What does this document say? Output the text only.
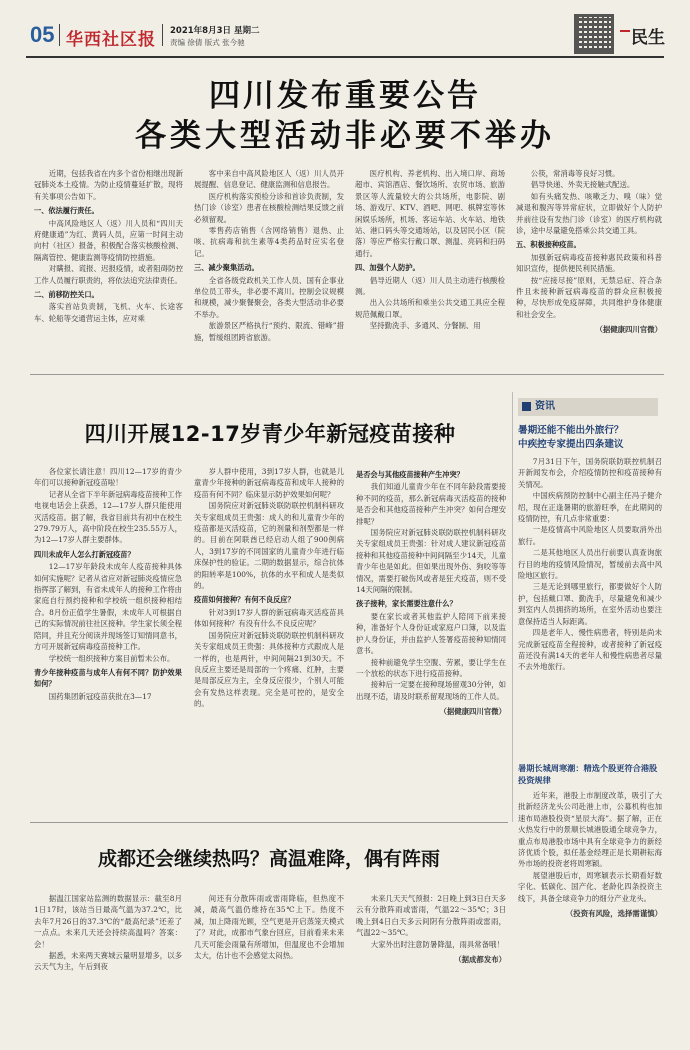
05 华西社区报 2021年8月3日 星期二
责编 徐倩 版式 张今驰	民生
四川发布重要公告
各类大型活动非必要不举办

近期，包括我省在内多个省份相继出现新冠肺炎本土疫情。为防止疫情蔓延扩散，现将有关事项公告如下。

一、依法履行责任。

中高风险地区人（返）川人员和“四川天府健康通”为红、黄码人员，应第一时间主动向村（社区）报备，积极配合落实核酸检测、隔离管控、健康监测等疫情防控措施。

对瞒报、谎报、迟报疫情，或者阻碍防控工作人员履行职责的，将依法追究法律责任。

二、前移防控关口。

落实首站负责制，飞机、火车、长途客车、轮船等交通营运主体，应对乘

客中来自中高风险地区人（返）川人员开展提醒、信息登记、健康监测和信息报告。

医疗机构落实预检分诊和首诊负责制，发热门诊（诊室）患者在核酸检测结果反馈之前必须留观。

零售药店销售（含网络销售）退热、止咳、抗病毒和抗生素等4类药品时应实名登记。

三、减少聚集活动。

全省各级党政机关工作人员、国有企事业单位员工带头，非必要不离川。控制会议规模和规模，减少聚餐聚会，各类大型活动非必要不举办。

旅游景区严格执行“预约、限流、错峰”措施，暂缓组团跨省旅游。

医疗机构、养老机构、出入境口岸、商场超市、宾馆酒店、餐饮场所、农贸市场、旅游景区等人流量较大的公共场所，电影院、剧场、游戏厅、KTV、酒吧、网吧、棋牌室等休闲娱乐场所，机场、客运车站、火车站、地铁站、港口码头等交通场站，以及居民小区（院落）等应严格实行戴口罩、测温、亮码和扫码通行。

四、加强个人防护。

倡导近期人（返）川人员主动进行核酸检测。

出入公共场所和乘坐公共交通工具应全程规范佩戴口罩。

坚持勤洗手、多通风、分餐制、用

公筷，常消毒等良好习惯。

倡导快递、外卖无接触式配送。

如有头痛发热、咳嗽乏力、嗅（味）觉减退和腹泻等异常症状，立即做好个人防护并前往设有发热门诊（诊室）的医疗机构就诊，途中尽量避免搭乘公共交通工具。

五、积极接种疫苗。

加强新冠病毒疫苗接种惠民政策和科普知识宣传，提供便民利民措施。

按“应接尽接”原则，无禁忌症、符合条件且未接种新冠病毒疫苗的群众应积极接种，尽快形成免疫屏障，共同维护身体健康和社会安全。

（据健康四川官微）

四川开展12-17岁青少年新冠疫苗接种

各位家长请注意！四川12—17岁的青少年们可以接种新冠疫苗啦！

记者从全省下半年新冠病毒疫苗接种工作电视电话会上获悉，12—17岁人群只能使用灭活疫苗。据了解，我省目前共有初中在校生279.79万人，高中阶段在校生235.55万人，为12—17岁人群主要群体。

四川未成年人怎么打新冠疫苗？

12—17岁年龄段未成年人疫苗接种具体如何实施呢？记者从省应对新冠肺炎疫情应急指挥部了解到，有省未成年人的接种工作将由家庭自行预约接种和学校统一组织接种相结合。8月份正值学生暑假，未成年人可根据自己的实际情况前往社区接种。学生家长须全程陪同，并且充分阅读并现场签订知情同意书，方可开展新冠病毒疫苗接种工作。

学校统一组织接种方案目前暂未公布。

青少年接种疫苗与成年人有何不同？防护效果如何？

国药集团新冠疫苗获批在3—17

岁人群中使用，3到17岁人群，也就是儿童青少年接种的新冠病毒疫苗和成年人接种的疫苗有何不同？临床显示防护效果如何呢？

国务院应对新冠肺炎联防联控机制科研攻关专家组成员王贵强：成人的和儿童青少年的疫苗都是灭活疫苗，它的剂量和剂型都是一样的。目前在阿联酋已经启动人组了900例病人，3到17岁的不同国家的儿童青少年进行临床保护性的验证。二期的数据显示，综合抗体的阳转率是100%，抗体的水平和成人是类似的。

疫苗如何接种？有何不良反应？

针对3到17岁人群的新冠病毒灭活疫苗具体如何接种？有没有什么不良反应呢？

国务院应对新冠肺炎联防联控机制科研攻关专家组成员王贵强：具体接种方式跟成人是一样的，也是两针，中间间隔21到30天。不良反应主要还是局部的一个疼痛、红肿，主要是局部反应为主，全身反应很少，个别人可能会有发热这样表现。完全是可控的，是安全的。

是否会与其他疫苗接种产生冲突？

我们知道儿童青少年在不同年龄段需要接种不同的疫苗，那么新冠病毒灭活疫苗的接种是否会和其他疫苗接种产生冲突？如何合理安排呢？

国务院应对新冠肺炎联防联控机制科研攻关专家组成员王贵强：针对成人建议新冠疫苗接种和其他疫苗接种中间间隔至少14天，儿童青少年也是如此。但如果出现外伤、狗咬等等情况，需要打破伤风或者是狂犬疫苗，则不受14天间隔的限制。

孩子接种，家长需要注意什么？

要在家长或者其他监护人陪同下前来接种，准备好个人身份证或家庭户口簿，以及监护人身份证，并由监护人签署疫苗接种知情同意书。

接种前避免学生空腹、劳累，要让学生在一个放松的状态下进行疫苗接种。

接种后一定要在接种现场留观30分钟，如出现不适，请及时联系留观现场的工作人员。

（据健康四川官微）

$^{资讯}$
暑期还能不能出外旅行？
中疾控专家提出四条建议

7月31日下午，国务院联防联控机制召开新闻发布会，介绍疫情防控和疫苗接种有关情况。

中国疾病预防控制中心副主任冯子健介绍，现在正逢暑期的旅游旺季，在此期间的疫情防控，有几点非常重要：

一是疫情高中风险地区人员要取消外出旅行。

二是其他地区人员出行前要认真查询旅行目的地的疫情风险情况，暂缓前去高中风险地区旅行。

三是无论到哪里旅行，都要做好个人防护，包括戴口罩、勤洗手，尽量避免和减少到室内人员拥挤的场所，在室外活动也要注意保持适当人际距离。

四是老年人、慢性病患者，特别是尚未完成新冠疫苗全程接种，或者接种了新冠疫苗还没有满14天的老年人和慢性病患者尽量不去外地旅行。

暑期长城周寒潮：精选个股更符合港股投资规律

近年来，港股上市制度改革，吸引了大批新经济龙头公司赴港上市，公募机构也加速布局港股投资“星辰大海”。据了解，正在火热发行中的景顺长城港股通全球竞争力，重点布局港股市场中具有全球竞争力的新经济优质个股，拟任基金经理正是长期耕耘海外市场的投资老将周寒颖。

展望港股后市，周寒颖表示长期看好数字化、低碳化、国产化、老龄化四条投资主线下，具备全球竞争力的细分产业龙头。

（投资有风险，选择需谨慎）

成都还会继续热吗？高温难降，偶有阵雨

据温江国家站监测的数据显示：截至8月1日17时，该站当日最高气温为37.2℃，比去年7月26日的37.3℃的“最高纪录”还差了一点点。未来几天还会持续高温吗？答案：会！

据悉，未来两天赛城云量明显增多，以多云天气为主，午后到夜

间还有分散阵雨或雷雨降临，但热度不减，最高气温仍维持在35℃上下。热度不减，加上降雨光顾，空气更是开启蒸笼天模式了？对此，成都市气象台回应，目前看来未来几天可能会雨量有所增加，但温度也不会增加太大，估计也不会感觉太闷热。

未来几天天气预报：2日晚上到3日白天多云有分散阵雨或雷雨，气温22～35℃；3日晚上到4日白天多云间阴有分散阵雨或雷雨，气温22～35℃。

大家外出时注意防暑降温，雨具常备哦！

（据成都发布）
